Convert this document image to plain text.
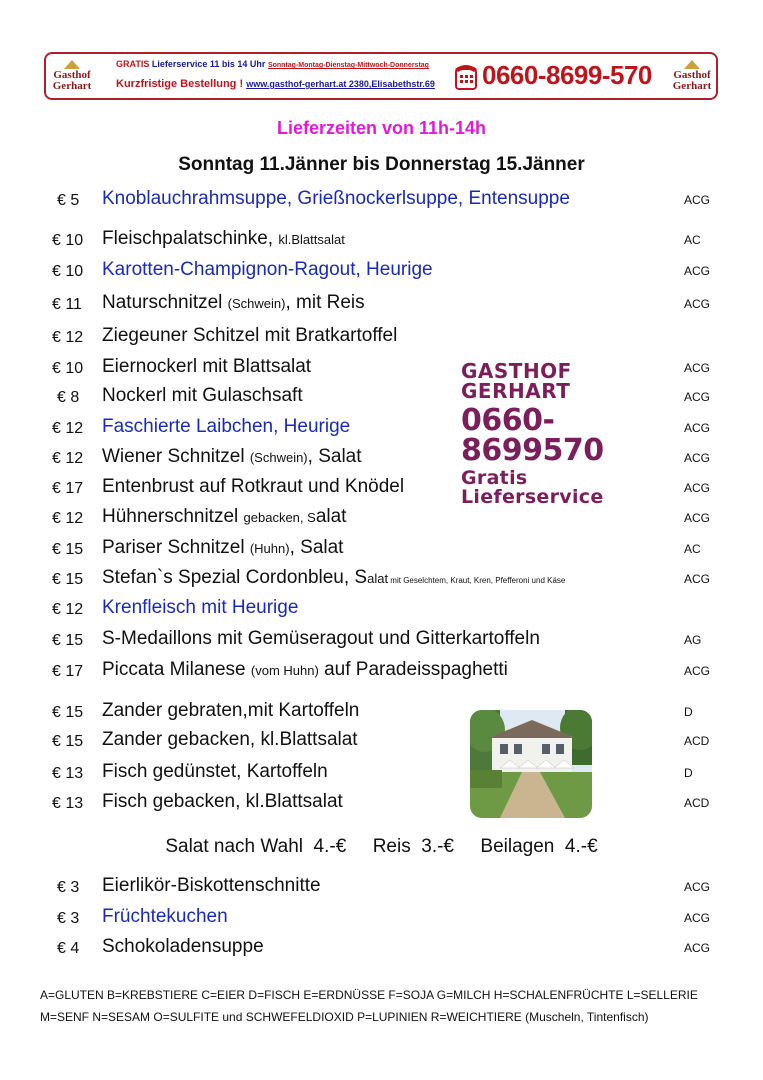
Gasthof
Gerhart
GRATIS Lieferservice 11 bis 14 Uhr Sonntag-Montag-Dienstag-Mittwoch-Donnerstag
Kurzfristige Bestellung ! www.gasthof-gerhart.at 2380,Elisabethstr.69 0660-8699-570 Gasthof
Gerhart
Lieferzeiten von 11h-14h
Sonntag 11.Jänner bis Donnerstag 15.Jänner
€ 5 Knoblauchrahmsuppe, Grießnockerlsuppe, Entensuppe	ACG
€ 10 Fleischpalatschinke, kl.Blattsalat	AC
€ 10 Karotten-Champignon-Ragout, Heurige	ACG
€ 11 Naturschnitzel (Schwein), mit Reis	ACG
€ 12 Ziegeuner Schitzel mit Bratkartoffel
€ 10 Eiernockerl mit Blattsalat	ACG
€ 8 Nockerl mit Gulaschsaft	ACG
€ 12 Faschierte Laibchen, Heurige	ACG
€ 12 Wiener Schnitzel (Schwein), Salat	ACG
€ 17 Entenbrust auf Rotkraut und Knödel	ACG
€ 12 Hühnerschnitzel gebacken, Salat	ACG
€ 15 Pariser Schnitzel (Huhn), Salat	AC
€ 15 Stefan`s Spezial Cordonbleu, Salat mit Geselchtem, Kraut, Kren, Pfefferoni und Käse	ACG
€ 12 Krenfleisch mit Heurige
€ 15 S-Medaillons mit Gemüseragout und Gitterkartoffeln	AG
€ 17 Piccata Milanese (vom Huhn) auf Paradeisspaghetti	ACG
€ 15 Zander gebraten,mit Kartoffeln	D
€ 15 Zander gebacken, kl.Blattsalat	ACD
€ 13 Fisch gedünstet, Kartoffeln	D
€ 13 Fisch gebacken, kl.Blattsalat	ACD
GASTHOF GERHART
0660-8699570
Gratis Lieferservice
Salat nach Wahl  4.-€ Reis  3.-€ Beilagen  4.-€
€ 3 Eierlikör-Biskottenschnitte	ACG
€ 3 Früchtekuchen	ACG
€ 4 Schokoladensuppe	ACG
A=GLUTEN B=KREBSTIERE C=EIER D=FISCH E=ERDNÜSSE F=SOJA G=MILCH H=SCHALENFRÜCHTE L=SELLERIE
M=SENF N=SESAM O=SULFITE und SCHWEFELDIOXID P=LUPINIEN R=WEICHTIERE (Muscheln, Tintenfisch)
